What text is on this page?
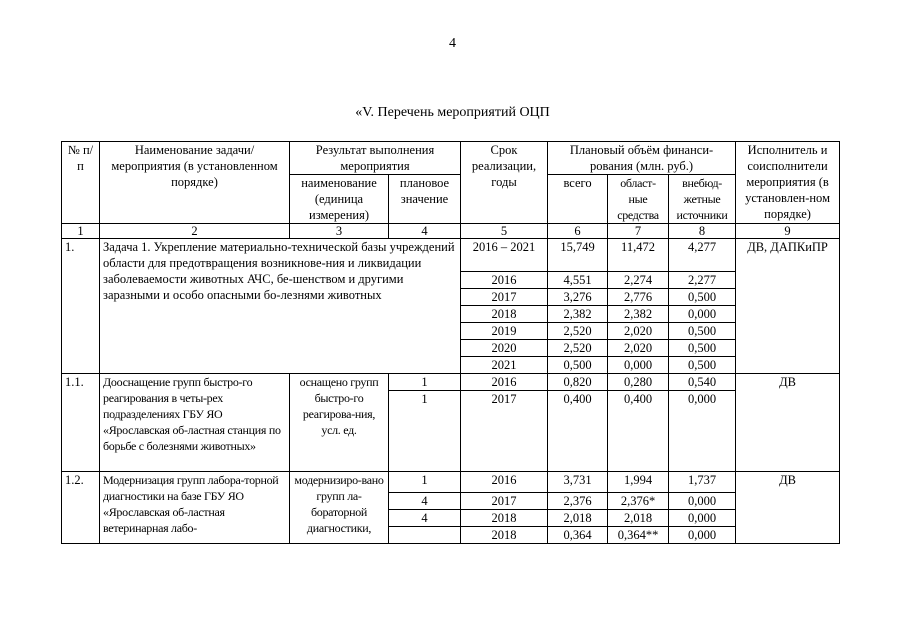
4
«V. Перечень мероприятий ОЦП
№ п/п	Наименование задачи/мероприятия (в установленном порядке)	Результат выполнения мероприятия		Срок реализации, годы	Плановый объём финанси-рования (млн. руб.)			Исполнитель и соисполнители мероприятия (в установлен-ном порядке)
		наименование (единица измерения)	плановое значение		всего	област-ные средства	внебюд-жетные источники	
1	2	3	4	5	6	7	8	9
1.	Задача 1. Укрепление материально-технической базы учреждений области для предотвращения возникнове-ния и ликвидации заболеваемости животных АЧС, бе-шенством и другими заразными и особо опасными бо-лезнями животных			2016 – 2021	15,749	11,472	4,277	ДВ, ДАПКиПР
				2016	4,551	2,274	2,277	
				2017	3,276	2,776	0,500	
				2018	2,382	2,382	0,000	
				2019	2,520	2,020	0,500	
				2020	2,520	2,020	0,500	
				2021	0,500	0,000	0,500	
1.1.	Дооснащение групп быстро-го реагирования в четы-рех подразделениях ГБУ ЯО «Ярославская об-ластная станция по борьбе с болезнями животных»	оснащено групп быстро-го реагирова-ния, усл. ед.	1	2016	0,820	0,280	0,540	ДВ
			1	2017	0,400	0,400	0,000	
1.2.	Модернизация групп лабора-торной диагностики на базе ГБУ ЯО «Ярославская об-ластная ветеринарная лабо-	модернизиро-вано групп ла-бораторной диагностики,	1	2016	3,731	1,994	1,737	ДВ
			4	2017	2,376	2,376*	0,000	
			4	2018	2,018	2,018	0,000	
				2018	0,364	0,364**	0,000	
